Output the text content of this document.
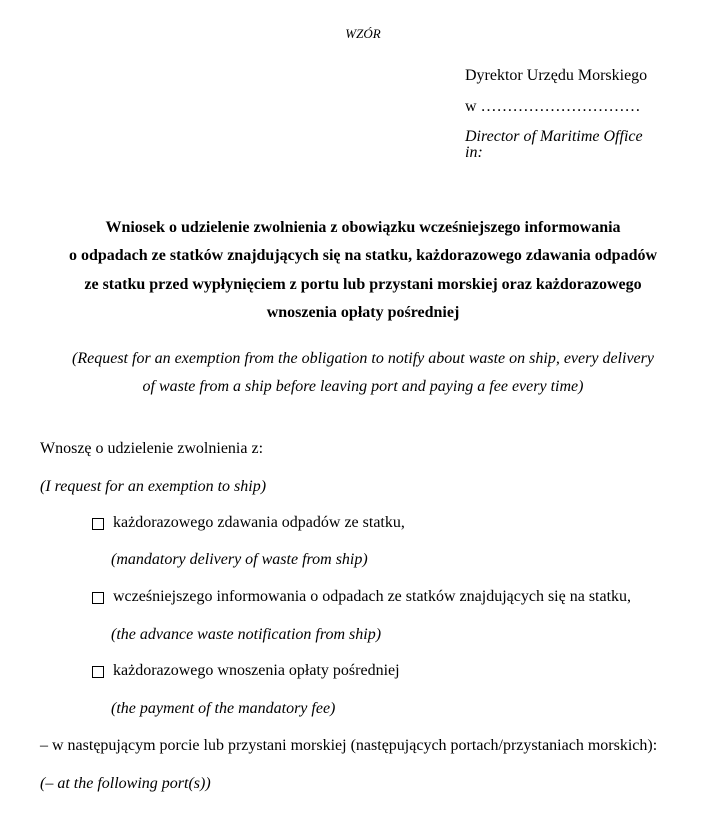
WZÓR
Dyrektor Urzędu Morskiego
w …………………………
Director of Maritime Office
in:
Wniosek o udzielenie zwolnienia z obowiązku wcześniejszego informowania
o odpadach ze statków znajdujących się na statku, każdorazowego zdawania odpadów
ze statku przed wypłynięciem z portu lub przystani morskiej oraz każdorazowego
wnoszenia opłaty pośredniej
(Request for an exemption from the obligation to notify about waste on ship, every delivery
of waste from a ship before leaving port and paying a fee every time)
Wnoszę o udzielenie zwolnienia z:
(I request for an exemption to ship)
każdorazowego zdawania odpadów ze statku,
(mandatory delivery of waste from ship)
wcześniejszego informowania o odpadach ze statków znajdujących się na statku,
(the advance waste notification from ship)
każdorazowego wnoszenia opłaty pośredniej
(the payment of the mandatory fee)
– w następującym porcie lub przystani morskiej (następujących portach/przystaniach morskich):
(– at the following port(s))
